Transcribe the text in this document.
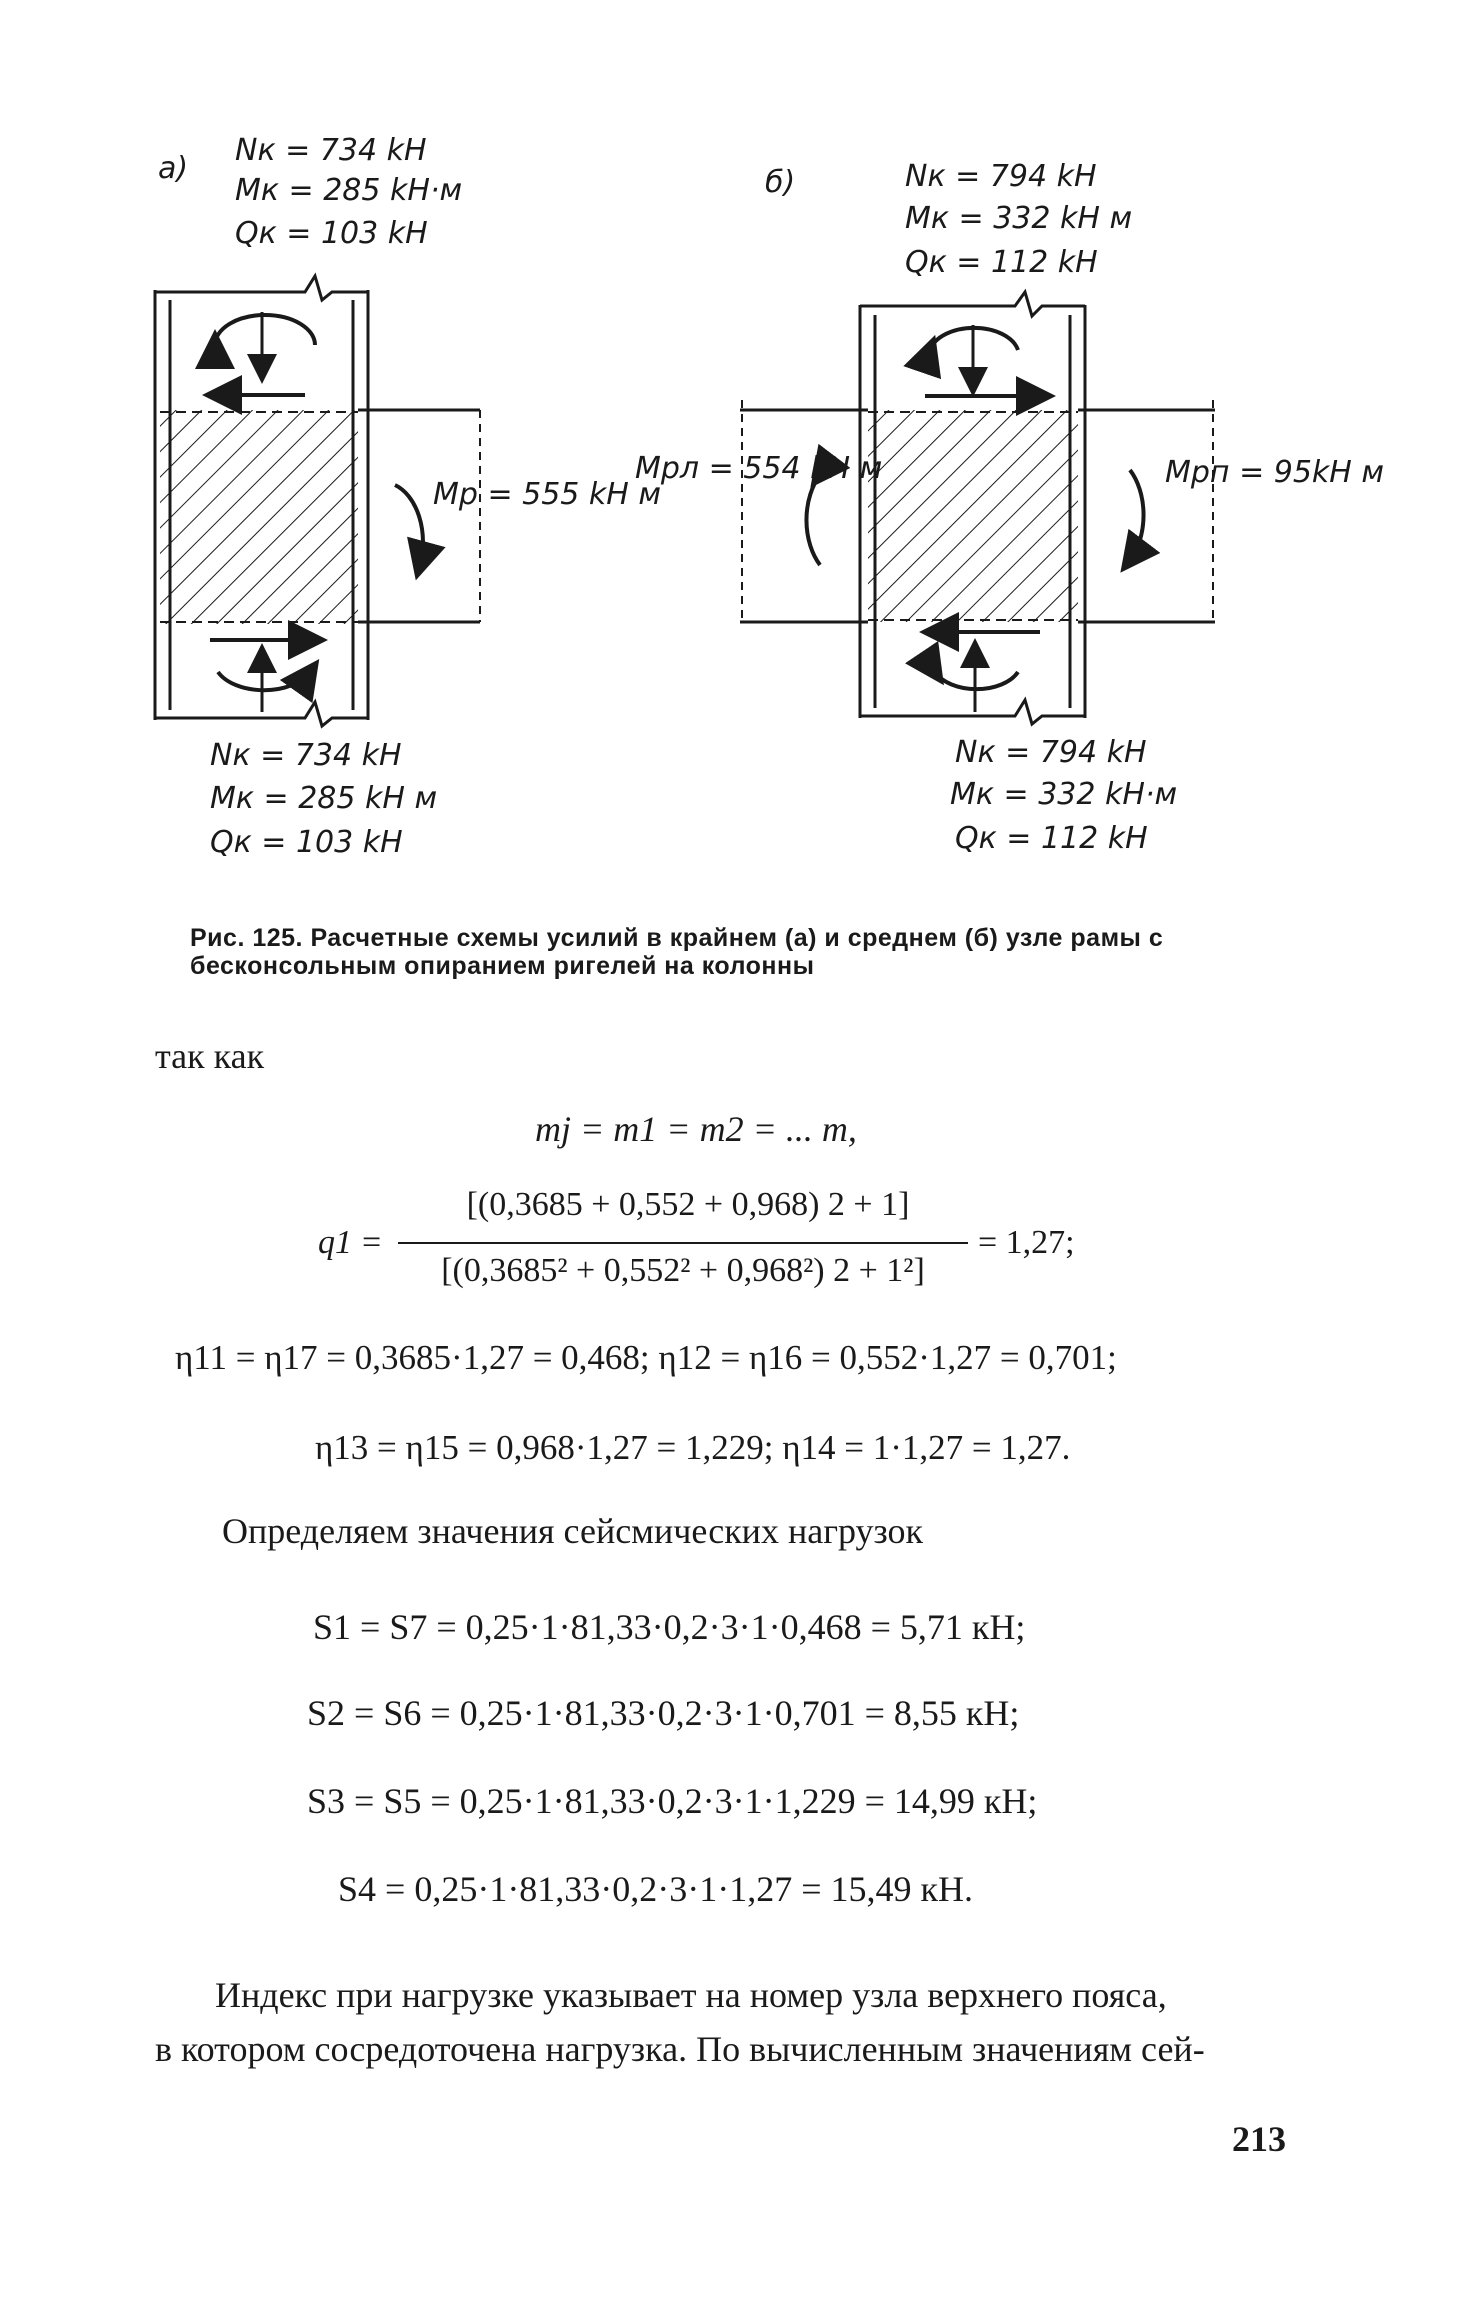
а)
Nк = 734 kH
Mк = 285 kH·м
Qк = 103 kH
Mр = 555 kH м
Nк = 734 kH
Mк = 285 kH м
Qк = 103 kH
б)	Nк = 794 kH
Mк = 332 kH м
Qк = 112 kH
Mрл = 554 kH м	Mрп = 95kH м
Nк = 794 kH
Mк = 332 kH·м
Qк = 112 kH
Рис. 125. Расчетные схемы усилий в крайнем (а) и среднем (б) узле рамы с бесконсольным опиранием ригелей на колонны
так как
mj = m1 = m2 = ... m,
q1 =
[(0,3685 + 0,552 + 0,968) 2 + 1]
[(0,3685² + 0,552² + 0,968²) 2 + 1²]
= 1,27;
η11 = η17 = 0,3685·1,27 = 0,468; η12 = η16 = 0,552·1,27 = 0,701;
η13 = η15 = 0,968·1,27 = 1,229; η14 = 1·1,27 = 1,27.
Определяем значения сейсмических нагрузок
S1 = S7 = 0,25·1·81,33·0,2·3·1·0,468 = 5,71 кН;
S2 = S6 = 0,25·1·81,33·0,2·3·1·0,701 = 8,55 кН;
S3 = S5 = 0,25·1·81,33·0,2·3·1·1,229 = 14,99 кН;
S4 = 0,25·1·81,33·0,2·3·1·1,27 = 15,49 кН.
Индекс при нагрузке указывает на номер узла верхнего пояса,
в котором сосредоточена нагрузка. По вычисленным значениям сей-
213
